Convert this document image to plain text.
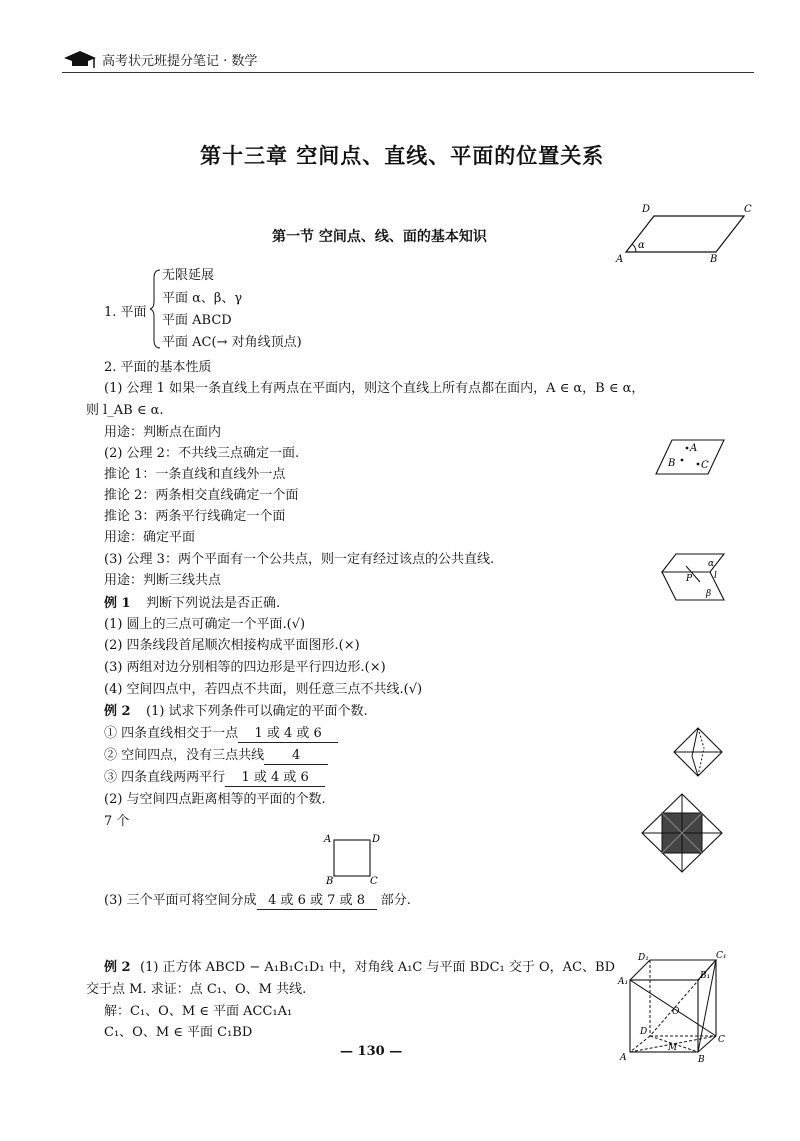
高考状元班提分笔记 · 数学
第十三章 空间点、直线、平面的位置关系
第一节 空间点、线、面的基本知识
D	C
A	B
α
1. 平面
无限延展
平面 α、β、γ
平面 ABCD
平面 AC(→ 对角线顶点)
2. 平面的基本性质
(1) 公理 1 如果一条直线上有两点在平面内，则这个直线上所有点都在面内，A ∈ α，B ∈ α，
则 l_AB ∈ α.
用途：判断点在面内
(2) 公理 2：不共线三点确定一面.
推论 1：一条直线和直线外一点
推论 2：两条相交直线确定一个面
推论 3：两条平行线确定一个面
用途：确定平面
(3) 公理 3：两个平面有一个公共点，则一定有经过该点的公共直线.
用途：判断三线共点
A
B	C
α
l
P
β
例 1 判断下列说法是否正确.
(1) 圆上的三点可确定一个平面.(√)
(2) 四条线段首尾顺次相接构成平面图形.(×)
(3) 两组对边分别相等的四边形是平行四边形.(×)
(4) 空间四点中，若四点不共面，则任意三点不共线.(√)
例 2 (1) 试求下列条件可以确定的平面个数.
① 四条直线相交于一点 1 或 4 或 6
② 空间四点，没有三点共线 4
③ 四条直线两两平行 1 或 4 或 6
(2) 与空间四点距离相等的平面的个数.
7 个
A	D
B	C
(3) 三个平面可将空间分成 4 或 6 或 7 或 8 部分.
例 2 (1) 正方体 ABCD − A₁B₁C₁D₁ 中，对角线 A₁C 与平面 BDC₁ 交于 O，AC、BD
交于点 M. 求证：点 C₁、O、M 共线.
解：C₁、O、M ∈ 平面 ACC₁A₁
C₁、O、M ∈ 平面 C₁BD
D₁	C₁
A₁
B₁
D
O
C
A
M
B
— 130 —
